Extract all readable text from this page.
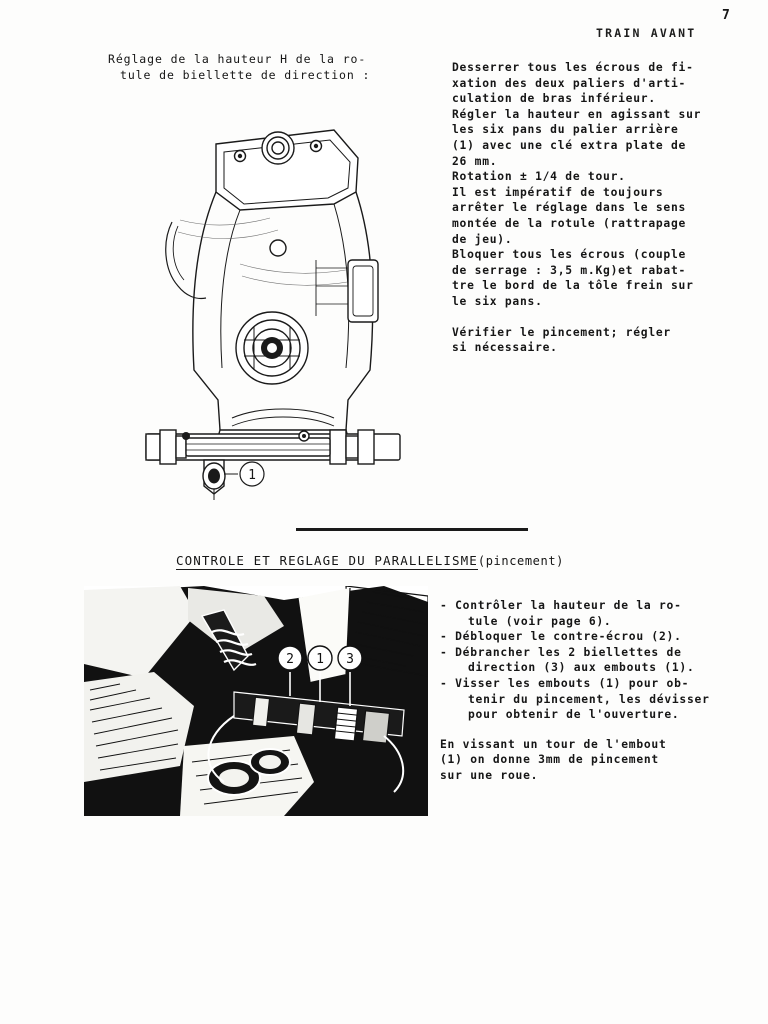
TRAIN AVANT
7
Réglage de la hauteur H de la ro-
tule de biellette de direction :	Desserrer tous les écrous de fi-

xation des deux paliers d'arti-

culation de bras inférieur.

Régler la hauteur en agissant sur

les six pans du palier arrière

(1) avec une clé extra plate de

26 mm.

Rotation ± 1/4 de tour.

Il est impératif de toujours

arrêter le réglage dans le sens

montée de la rotule (rattrapage

de jeu).

Bloquer tous les écrous (couple

de serrage : 3,5 m.Kg)et rabat-

tre le bord de la tôle frein sur

le six pans.

Vérifier le pincement; régler

si nécessaire.

1
CONTROLE ET REGLAGE DU PARALLELISME(pincement)
2 1 3

- Contrôler la hauteur de la ro-

tule (voir page 6).

- Débloquer le contre-écrou (2).

- Débrancher les 2 biellettes de

direction (3) aux embouts (1).

- Visser les embouts (1) pour ob-

tenir du pincement, les dévisser

pour obtenir de l'ouverture.

En vissant un tour de l'embout

(1) on donne 3mm de pincement

sur une roue.
